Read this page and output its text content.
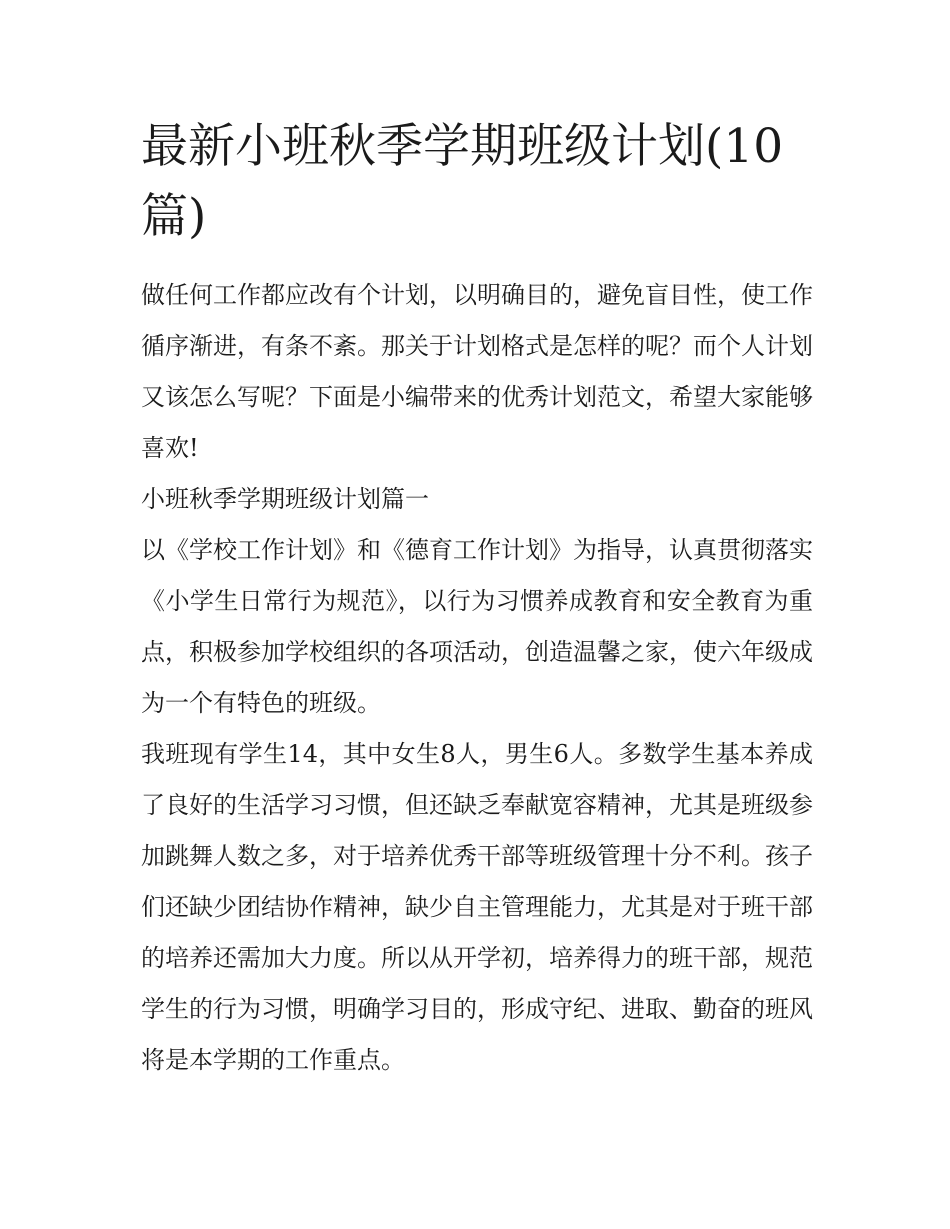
最新小班秋季学期班级计划(10篇)

做任何工作都应改有个计划，以明确目的，避免盲目性，使工作循序渐进，有条不紊。那关于计划格式是怎样的呢？而个人计划又该怎么写呢？下面是小编带来的优秀计划范文，希望大家能够喜欢!

小班秋季学期班级计划篇一

以《学校工作计划》和《德育工作计划》为指导，认真贯彻落实《小学生日常行为规范》，以行为习惯养成教育和安全教育为重点，积极参加学校组织的各项活动，创造温馨之家，使六年级成为一个有特色的班级。

我班现有学生14，其中女生8人，男生6人。多数学生基本养成了良好的生活学习习惯，但还缺乏奉献宽容精神，尤其是班级参加跳舞人数之多，对于培养优秀干部等班级管理十分不利。孩子们还缺少团结协作精神，缺少自主管理能力，尤其是对于班干部的培养还需加大力度。所以从开学初，培养得力的班干部，规范学生的行为习惯，明确学习目的，形成守纪、进取、勤奋的班风将是本学期的工作重点。
